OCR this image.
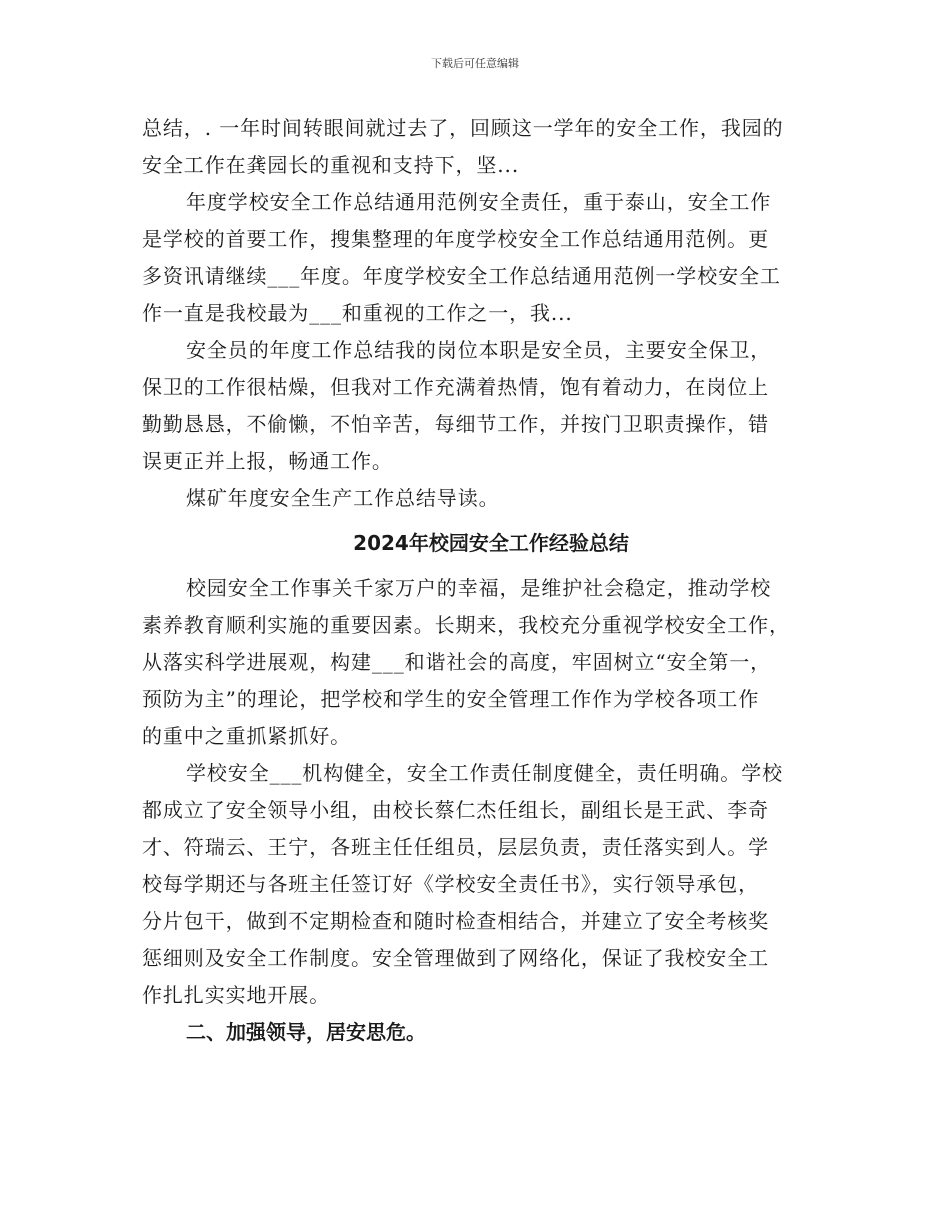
下载后可任意编辑
总结，. 一年时间转眼间就过去了，回顾这一学年的安全工作，我园的
安全工作在龚园长的重视和支持下，坚...
年度学校安全工作总结通用范例安全责任，重于泰山，安全工作
是学校的首要工作，搜集整理的年度学校安全工作总结通用范例。更
多资讯请继续___年度。年度学校安全工作总结通用范例一学校安全工
作一直是我校最为___和重视的工作之一，我...
安全员的年度工作总结我的岗位本职是安全员，主要安全保卫，
保卫的工作很枯燥，但我对工作充满着热情，饱有着动力，在岗位上
勤勤恳恳，不偷懒，不怕辛苦，每细节工作，并按门卫职责操作，错
误更正并上报，畅通工作。
煤矿年度安全生产工作总结导读。
2024年校园安全工作经验总结
校园安全工作事关千家万户的幸福，是维护社会稳定，推动学校
素养教育顺利实施的重要因素。长期来，我校充分重视学校安全工作，
从落实科学进展观，构建___和谐社会的高度，牢固树立“安全第一，
预防为主”的理论，把学校和学生的安全管理工作作为学校各项工作
的重中之重抓紧抓好。
学校安全___机构健全，安全工作责任制度健全，责任明确。学校
都成立了安全领导小组，由校长蔡仁杰任组长，副组长是王武、李奇
才、符瑞云、王宁，各班主任任组员，层层负责，责任落实到人。学
校每学期还与各班主任签订好《学校安全责任书》，实行领导承包，
分片包干，做到不定期检查和随时检查相结合，并建立了安全考核奖
惩细则及安全工作制度。安全管理做到了网络化，保证了我校安全工
作扎扎实实地开展。
二、加强领导，居安思危。
